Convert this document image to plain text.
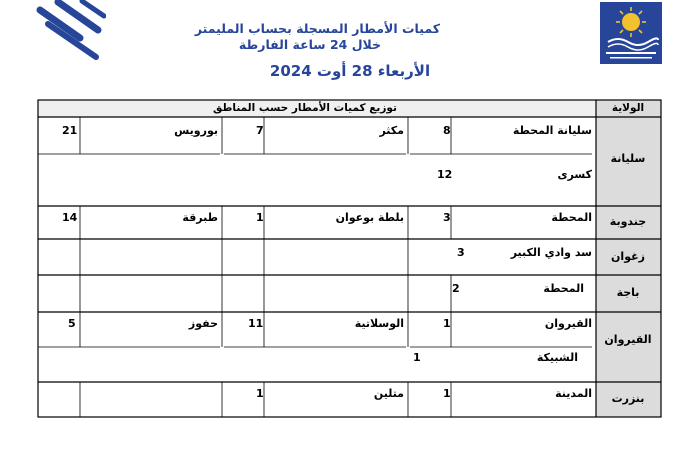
كميات الأمطار المسجلة بحساب المليمتر
خلال 24 ساعة الفارطة
الأربعاء 28 أوت 2024
الولاية
توزيع كميات الأمطار حسب المناطق
سليانة
سليانة المحطة
8
مكثر
7
بورويس
21
كسرى
12
جندوبة
المحطة
3
بلطة بوعوان
1
طبرقة
14
زغوان
سد وادي الكبير
3
باجة
المحطة
2
القيروان
القيروان
1
الوسلاتية
11
حفوز
5
الشبيكة
1
بنزرت
المدينة
1
متلين
1
